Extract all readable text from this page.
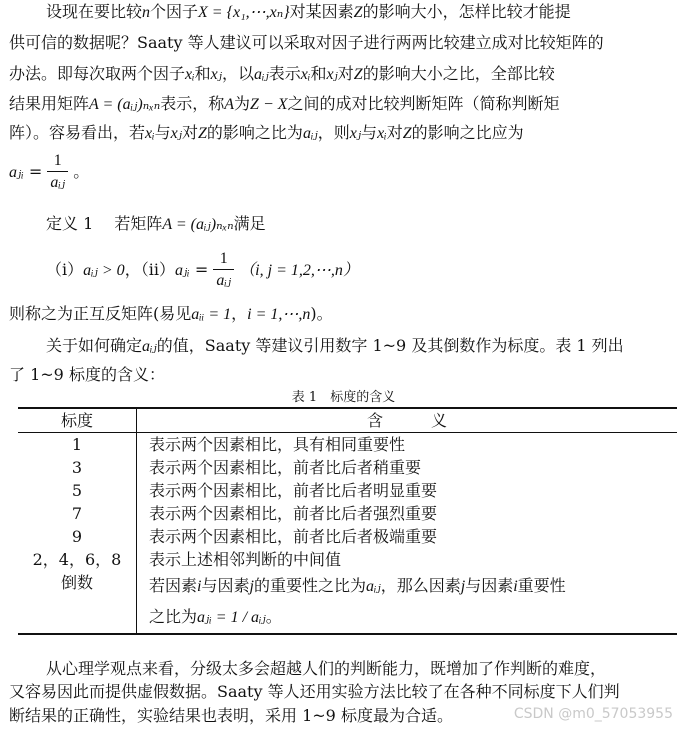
设现在要比较n个因子X = {x₁,⋯,xₙ}对某因素Z的影响大小，怎样比较才能提
供可信的数据呢？Saaty 等人建议可以采取对因子进行两两比较建立成对比较矩阵的
办法。即每次取两个因子xᵢ和xⱼ，以aᵢⱼ表示xᵢ和xⱼ对Z的影响大小之比，全部比较
结果用矩阵A = (aᵢⱼ)ₙₓₙ表示，称A为Z − X之间的成对比较判断矩阵（简称判断矩
阵）。容易看出，若xᵢ与xⱼ对Z的影响之比为aᵢⱼ，则xⱼ与xᵢ对Z的影响之比应为
aⱼᵢ = $\frac{1}{\text{aᵢⱼ}}$ 。
定义 1　 若矩阵A = (aᵢⱼ)ₙₓₙ满足
（i）aᵢⱼ > 0，（ii）aⱼᵢ = $\frac{1}{\text{aᵢⱼ}} (i$, j = 1,2,⋯,n）
则称之为正互反矩阵(易见aᵢᵢ = 1，i = 1,⋯,n)。
关于如何确定aᵢⱼ的值，Saaty 等建议引用数字 1~9 及其倒数作为标度。表 1 列出
了 1~9 标度的含义：
表 1　标度的含义
标度	含　　　义
1	表示两个因素相比，具有相同重要性
3	表示两个因素相比，前者比后者稍重要
5	表示两个因素相比，前者比后者明显重要
7	表示两个因素相比，前者比后者强烈重要
9	表示两个因素相比，前者比后者极端重要
2，4，6，8	表示上述相邻判断的中间值
倒数	若因素i与因素j的重要性之比为aᵢⱼ，那么因素j与因素i重要性
之比为aⱼᵢ = 1 / aᵢⱼ。
从心理学观点来看，分级太多会超越人们的判断能力，既增加了作判断的难度，
又容易因此而提供虚假数据。Saaty 等人还用实验方法比较了在各种不同标度下人们判
断结果的正确性，实验结果也表明，采用 1~9 标度最为合适。	CSDN @m0_57053955
